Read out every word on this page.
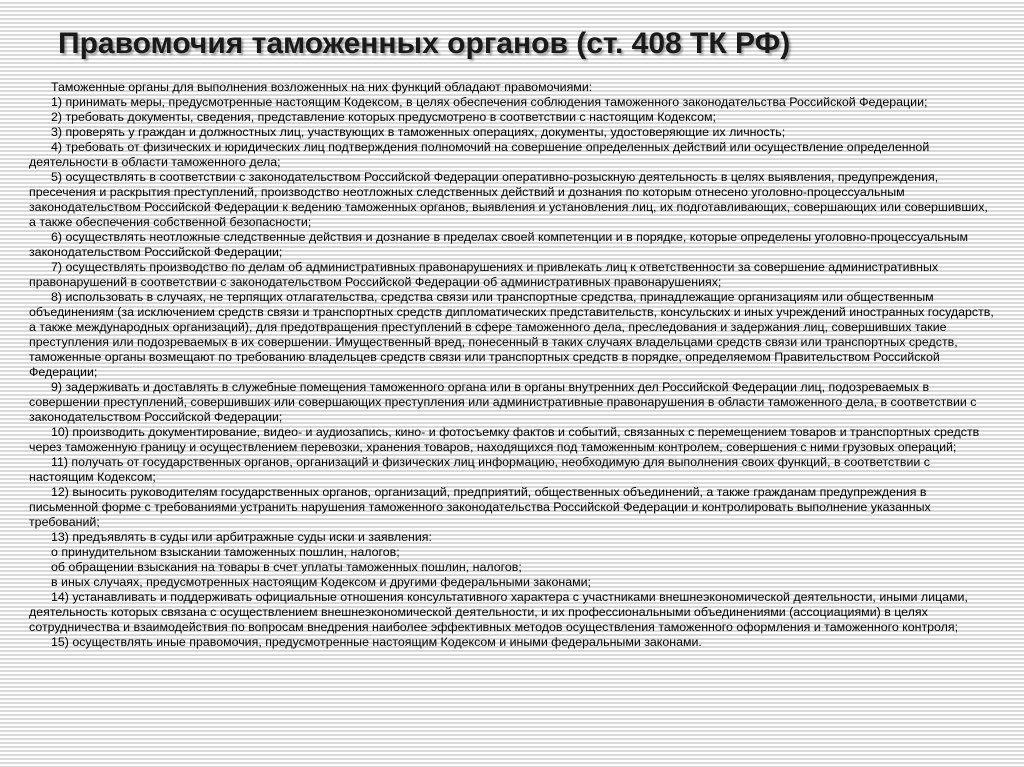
Правомочия таможенных органов (ст. 408 ТК РФ)

Таможенные органы для выполнения возложенных на них функций обладают правомочиями:

1) принимать меры, предусмотренные настоящим Кодексом, в целях обеспечения соблюдения таможенного законодательства Российской Федерации;

2) требовать документы, сведения, представление которых предусмотрено в соответствии с настоящим Кодексом;

3) проверять у граждан и должностных лиц, участвующих в таможенных операциях, документы, удостоверяющие их личность;

4) требовать от физических и юридических лиц подтверждения полномочий на совершение определенных действий или осуществление определенной деятельности в области таможенного дела;

5) осуществлять в соответствии с законодательством Российской Федерации оперативно-розыскную деятельность в целях выявления, предупреждения, пресечения и раскрытия преступлений, производство неотложных следственных действий и дознания по которым отнесено уголовно-процессуальным законодательством Российской Федерации к ведению таможенных органов, выявления и установления лиц, их подготавливающих, совершающих или совершивших, а также обеспечения собственной безопасности;

6) осуществлять неотложные следственные действия и дознание в пределах своей компетенции и в порядке, которые определены уголовно-процессуальным законодательством Российской Федерации;

7) осуществлять производство по делам об административных правонарушениях и привлекать лиц к ответственности за совершение административных правонарушений в соответствии с законодательством Российской Федерации об административных правонарушениях;

8) использовать в случаях, не терпящих отлагательства, средства связи или транспортные средства, принадлежащие организациям или общественным объединениям (за исключением средств связи и транспортных средств дипломатических представительств, консульских и иных учреждений иностранных государств, а также международных организаций), для предотвращения преступлений в сфере таможенного дела, преследования и задержания лиц, совершивших такие преступления или подозреваемых в их совершении. Имущественный вред, понесенный в таких случаях владельцами средств связи или транспортных средств, таможенные органы возмещают по требованию владельцев средств связи или транспортных средств в порядке, определяемом Правительством Российской Федерации;

9) задерживать и доставлять в служебные помещения таможенного органа или в органы внутренних дел Российской Федерации лиц, подозреваемых в совершении преступлений, совершивших или совершающих преступления или административные правонарушения в области таможенного дела, в соответствии с законодательством Российской Федерации;

10) производить документирование, видео- и аудиозапись, кино- и фотосъемку фактов и событий, связанных с перемещением товаров и транспортных средств через таможенную границу и осуществлением перевозки, хранения товаров, находящихся под таможенным контролем, совершения с ними грузовых операций;

11) получать от государственных органов, организаций и физических лиц информацию, необходимую для выполнения своих функций, в соответствии с настоящим Кодексом;

12) выносить руководителям государственных органов, организаций, предприятий, общественных объединений, а также гражданам предупреждения в письменной форме с требованиями устранить нарушения таможенного законодательства Российской Федерации и контролировать выполнение указанных требований;

13) предъявлять в суды или арбитражные суды иски и заявления:

о принудительном взыскании таможенных пошлин, налогов;

об обращении взыскания на товары в счет уплаты таможенных пошлин, налогов;

в иных случаях, предусмотренных настоящим Кодексом и другими федеральными законами;

14) устанавливать и поддерживать официальные отношения консультативного характера с участниками внешнеэкономической деятельности, иными лицами, деятельность которых связана с осуществлением внешнеэкономической деятельности, и их профессиональными объединениями (ассоциациями) в целях сотрудничества и взаимодействия по вопросам внедрения наиболее эффективных методов осуществления таможенного оформления и таможенного контроля;

15) осуществлять иные правомочия, предусмотренные настоящим Кодексом и иными федеральными законами.
